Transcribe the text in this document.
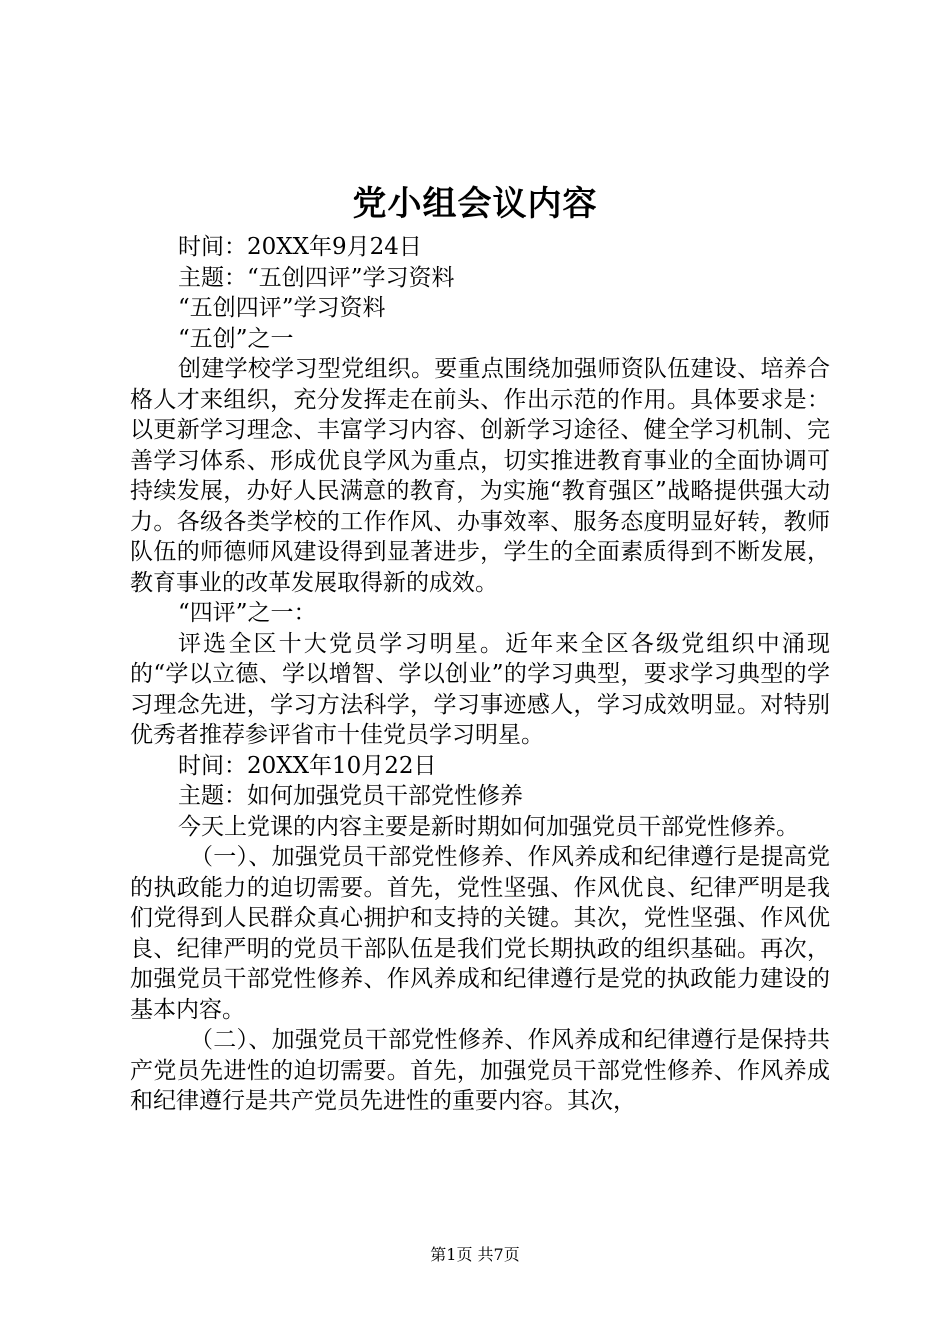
党小组会议内容

时间：20XX年9月24日

主题：“五创四评”学习资料

“五创四评”学习资料

“五创”之一

创建学校学习型党组织。要重点围绕加强师资队伍建设、培养合格人才来组织，充分发挥走在前头、作出示范的作用。具体要求是：以更新学习理念、丰富学习内容、创新学习途径、健全学习机制、完善学习体系、形成优良学风为重点，切实推进教育事业的全面协调可持续发展，办好人民满意的教育，为实施“教育强区”战略提供强大动力。各级各类学校的工作作风、办事效率、服务态度明显好转，教师队伍的师德师风建设得到显著进步，学生的全面素质得到不断发展，教育事业的改革发展取得新的成效。

“四评”之一：

评选全区十大党员学习明星。近年来全区各级党组织中涌现的“学以立德、学以增智、学以创业”的学习典型，要求学习典型的学习理念先进，学习方法科学，学习事迹感人，学习成效明显。对特别优秀者推荐参评省市十佳党员学习明星。

时间：20XX年10月22日

主题：如何加强党员干部党性修养

今天上党课的内容主要是新时期如何加强党员干部党性修养。

（一）、加强党员干部党性修养、作风养成和纪律遵行是提高党的执政能力的迫切需要。首先，党性坚强、作风优良、纪律严明是我们党得到人民群众真心拥护和支持的关键。其次，党性坚强、作风优良、纪律严明的党员干部队伍是我们党长期执政的组织基础。再次，加强党员干部党性修养、作风养成和纪律遵行是党的执政能力建设的基本内容。

（二）、加强党员干部党性修养、作风养成和纪律遵行是保持共产党员先进性的迫切需要。首先，加强党员干部党性修养、作风养成和纪律遵行是共产党员先进性的重要内容。其次，

第1页 共7页
